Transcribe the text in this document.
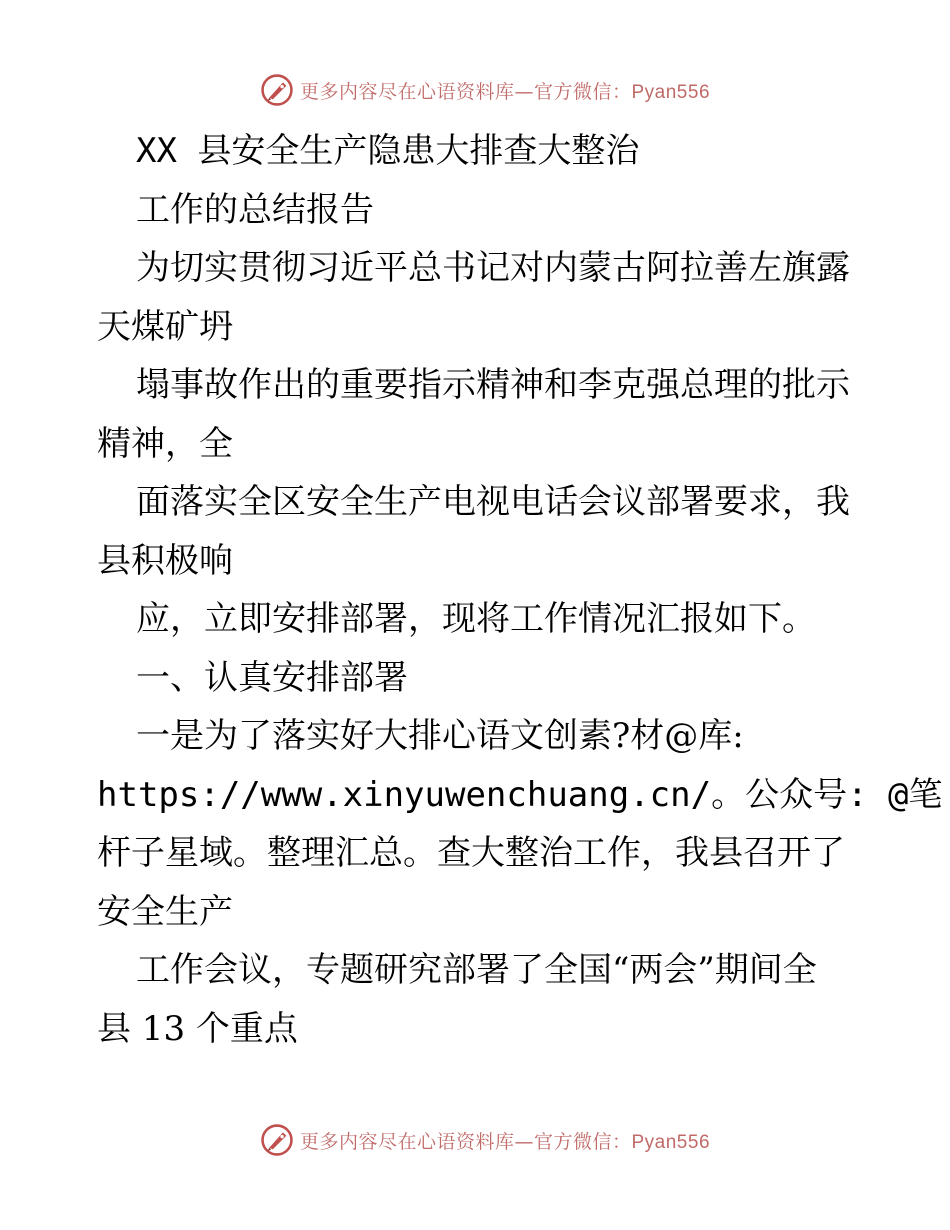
更多内容尽在心语资料库—官方微信：Pyan556
XX 县安全生产隐患大排查大整治
工作的总结报告
为切实贯彻习近平总书记对内蒙古阿拉善左旗露
天煤矿坍
塌事故作出的重要指示精神和李克强总理的批示
精神，全
面落实全区安全生产电视电话会议部署要求，我
县积极响
应，立即安排部署，现将工作情况汇报如下。
一、认真安排部署
一是为了落实好大排心语文创素?材@库:
https://www.xinyuwenchuang.cn/。公众号: @笔
杆子星域。整理汇总。查大整治工作，我县召开了
安全生产
工作会议，专题研究部署了全国“两会”期间全
县 13 个重点
更多内容尽在心语资料库—官方微信：Pyan556
